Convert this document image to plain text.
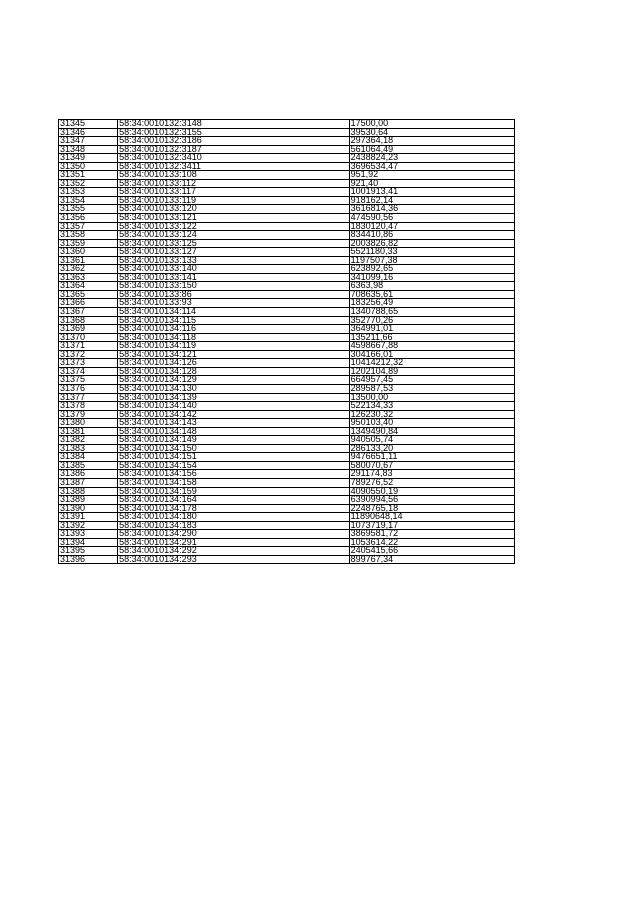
31345	58:34:0010132:3148	17500,00
31346	58:34:0010132:3155	39530,64
31347	58:34:0010132:3186	297364,18
31348	58:34:0010132:3187	561064,49
31349	58:34:0010132:3410	2438824,23
31350	58:34:0010132:3411	3696534,47
31351	58:34:0010133:108	951,92
31352	58:34:0010133:112	921,40
31353	58:34:0010133:117	1001913,41
31354	58:34:0010133:119	918162,14
31355	58:34:0010133:120	3616814,36
31356	58:34:0010133:121	474590,56
31357	58:34:0010133:122	1830120,47
31358	58:34:0010133:124	834410,86
31359	58:34:0010133:125	2003826,82
31360	58:34:0010133:127	5521180,33
31361	58:34:0010133:133	1197507,38
31362	58:34:0010133:140	623892,65
31363	58:34:0010133:141	341099,16
31364	58:34:0010133:150	6363,98
31365	58:34:0010133:86	708635,61
31366	58:34:0010133:93	183256,49
31367	58:34:0010134:114	1340788,65
31368	58:34:0010134:115	352770,26
31369	58:34:0010134:116	364991,01
31370	58:34:0010134:118	135211,66
31371	58:34:0010134:119	4598667,88
31372	58:34:0010134:121	304166,01
31373	58:34:0010134:126	10414212,32
31374	58:34:0010134:128	1202104,89
31375	58:34:0010134:129	664957,45
31376	58:34:0010134:130	289587,53
31377	58:34:0010134:139	13500,00
31378	58:34:0010134:140	522134,33
31379	58:34:0010134:142	126230,32
31380	58:34:0010134:143	950103,40
31381	58:34:0010134:148	1349490,84
31382	58:34:0010134:149	940505,74
31383	58:34:0010134:150	286133,20
31384	58:34:0010134:151	9476651,11
31385	58:34:0010134:154	580070,67
31386	58:34:0010134:156	291174,83
31387	58:34:0010134:158	789276,52
31388	58:34:0010134:159	4090550,19
31389	58:34:0010134:164	6390994,56
31390	58:34:0010134:178	2248765,18
31391	58:34:0010134:180	11890648,14
31392	58:34:0010134:183	1073719,17
31393	58:34:0010134:290	3869581,72
31394	58:34:0010134:291	1053614,22
31395	58:34:0010134:292	2405415,66
31396	58:34:0010134:293	899767,34
